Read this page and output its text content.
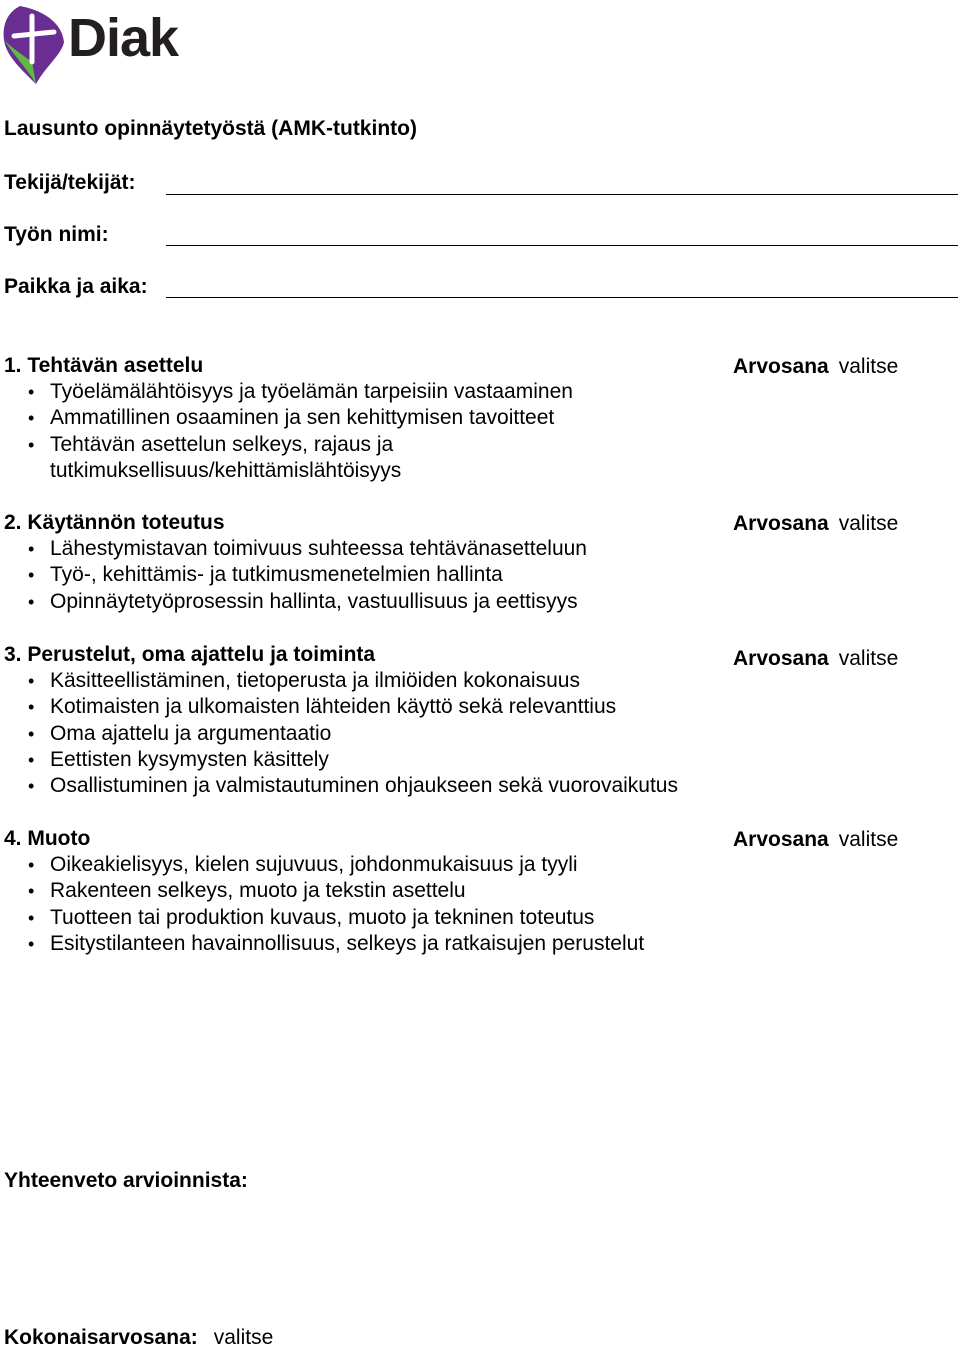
Diak
Lausunto opinnäytetyöstä (AMK-tutkinto)
Tekijä/tekijät:
Työn nimi:
Paikka ja aika:
1. Tehtävän asettelu	Arvosana valitse
• Työelämälähtöisyys ja työelämän tarpeisiin vastaaminen
• Ammatillinen osaaminen ja sen kehittymisen tavoitteet
• Tehtävän asettelun selkeys, rajaus ja tutkimuksellisuus/kehittämislähtöisyys
2. Käytännön toteutus	Arvosana valitse
• Lähestymistavan toimivuus suhteessa tehtävänasetteluun
• Työ-, kehittämis- ja tutkimusmenetelmien hallinta
• Opinnäytetyöprosessin hallinta, vastuullisuus ja eettisyys
3. Perustelut, oma ajattelu ja toiminta	Arvosana valitse
• Käsitteellistäminen, tietoperusta ja ilmiöiden kokonaisuus
• Kotimaisten ja ulkomaisten lähteiden käyttö sekä relevanttius
• Oma ajattelu ja argumentaatio
• Eettisten kysymysten käsittely
• Osallistuminen ja valmistautuminen ohjaukseen sekä vuorovaikutus
4. Muoto	Arvosana valitse
• Oikeakielisyys, kielen sujuvuus, johdonmukaisuus ja tyyli
• Rakenteen selkeys, muoto ja tekstin asettelu
• Tuotteen tai produktion kuvaus, muoto ja tekninen toteutus
• Esitystilanteen havainnollisuus, selkeys ja ratkaisujen perustelut
Yhteenveto arvioinnista:
Kokonaisarvosana: valitse
